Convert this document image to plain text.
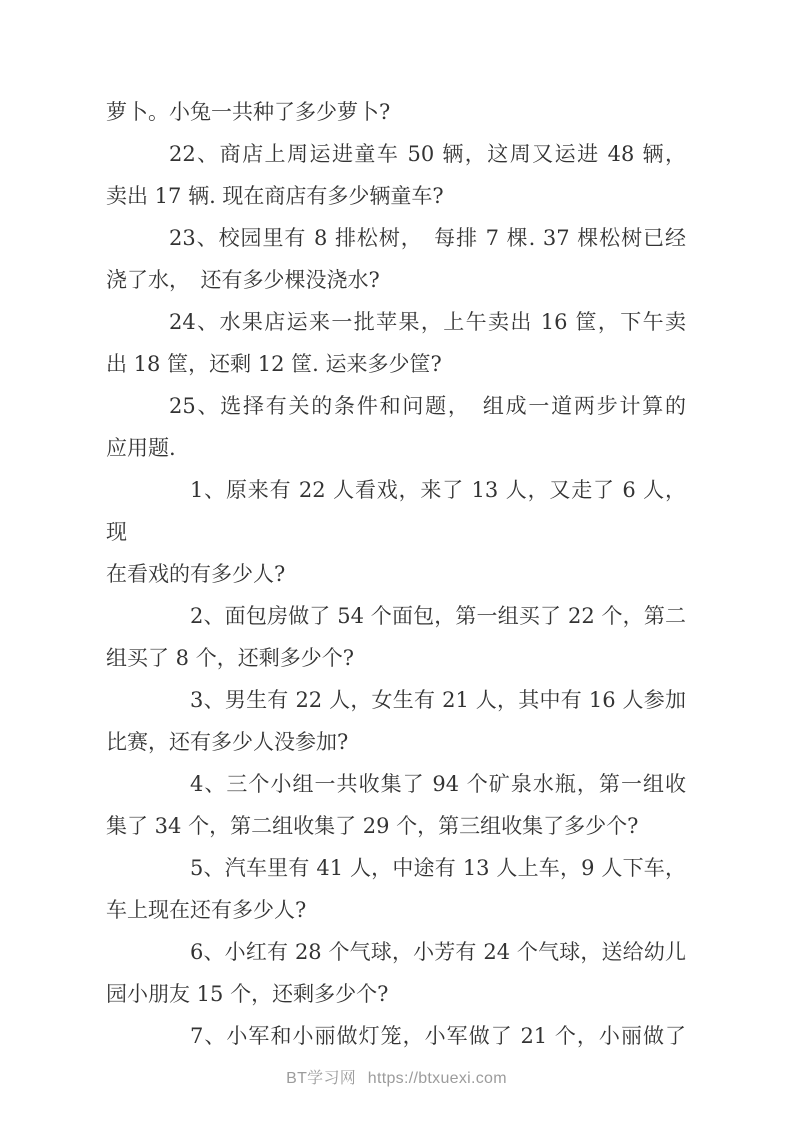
萝卜。小兔一共种了多少萝卜?
22、商店上周运进童车 50 辆，这周又运进 48 辆，
卖出 17 辆. 现在商店有多少辆童车?
23、校园里有 8 排松树，　每排 7 棵. 37 棵松树已经
浇了水，　还有多少棵没浇水?
24、水果店运来一批苹果，上午卖出 16 筐，下午卖
出 18 筐，还剩 12 筐. 运来多少筐?
25、选择有关的条件和问题，　组成一道两步计算的
应用题.
1、原来有 22 人看戏，来了 13 人，又走了 6 人，现
在看戏的有多少人?
2、面包房做了 54 个面包，第一组买了 22 个，第二
组买了 8 个，还剩多少个?
3、男生有 22 人，女生有 21 人，其中有 16 人参加
比赛，还有多少人没参加?
4、三个小组一共收集了 94 个矿泉水瓶，第一组收
集了 34 个，第二组收集了 29 个，第三组收集了多少个?
5、汽车里有 41 人，中途有 13 人上车，9 人下车，
车上现在还有多少人?
6、小红有 28 个气球，小芳有 24 个气球，送给幼儿
园小朋友 15 个，还剩多少个?
7、小军和小丽做灯笼，小军做了 21 个，小丽做了
BT学习网 https://btxuexi.com
